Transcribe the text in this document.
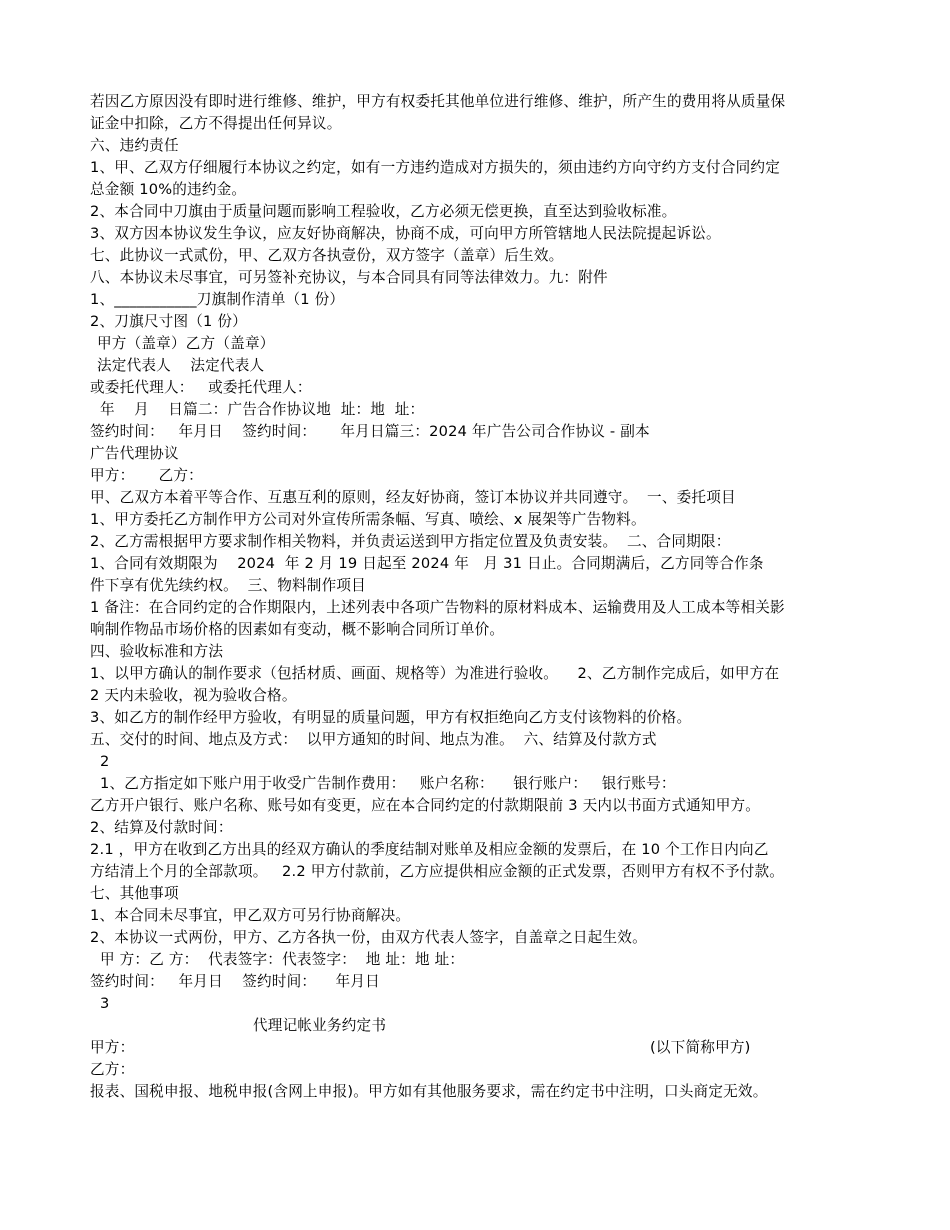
若因乙方原因没有即时进行维修、维护，甲方有权委托其他单位进行维修、维护，所产生的费用将从质量保
证金中扣除，乙方不得提出任何异议。
六、违约责任
1、甲、乙双方仔细履行本协议之约定，如有一方违约造成对方损失的，须由违约方向守约方支付合同约定
总金额 10%的违约金。
2、本合同中刀旗由于质量问题而影响工程验收，乙方必须无偿更换，直至达到验收标准。
3、双方因本协议发生争议，应友好协商解决，协商不成，可向甲方所管辖地人民法院提起诉讼。
七、此协议一式贰份，甲、乙双方各执壹份，双方签字（盖章）后生效。
八、本协议未尽事宜，可另签补充协议，与本合同具有同等法律效力。九：附件
1、___________刀旗制作清单（1 份）
2、刀旗尺寸图（1 份）
甲方（盖章）乙方（盖章）
法定代表人    法定代表人
或委托代理人：   或委托代理人：
年    月    日篇二：广告合作协议地  址：地  址：
签约时间：   年月日    签约时间：     年月日篇三：2024 年广告公司合作协议 - 副本
广告代理协议
甲方：     乙方：
甲、乙双方本着平等合作、互惠互利的原则，经友好协商，签订本协议并共同遵守。  一、委托项目
1、甲方委托乙方制作甲方公司对外宣传所需条幅、写真、喷绘、x 展架等广告物料。
2、乙方需根据甲方要求制作相关物料，并负责运送到甲方指定位置及负责安装。  二、合同期限：
1、合同有效期限为    2024  年 2 月 19 日起至 2024 年   月 31 日止。合同期满后，乙方同等合作条
件下享有优先续约权。  三、物料制作项目
1 备注：在合同约定的合作期限内，上述列表中各项广告物料的原材料成本、运输费用及人工成本等相关影
响制作物品市场价格的因素如有变动，概不影响合同所订单价。
四、验收标准和方法
1、以甲方确认的制作要求（包括材质、画面、规格等）为准进行验收。    2、乙方制作完成后，如甲方在
2 天内未验收，视为验收合格。
3、如乙方的制作经甲方验收，有明显的质量问题，甲方有权拒绝向乙方支付该物料的价格。
五、交付的时间、地点及方式：  以甲方通知的时间、地点为准。  六、结算及付款方式
2
1、乙方指定如下账户用于收受广告制作费用：   账户名称：    银行账户：   银行账号：
乙方开户银行、账户名称、账号如有变更，应在本合同约定的付款期限前 3 天内以书面方式通知甲方。
2、结算及付款时间：
2.1 ，甲方在收到乙方出具的经双方确认的季度结制对账单及相应金额的发票后，在 10 个工作日内向乙
方结清上个月的全部款项。   2.2 甲方付款前，乙方应提供相应金额的正式发票，否则甲方有权不予付款。
七、其他事项
1、本合同未尽事宜，甲乙双方可另行协商解决。
2、本协议一式两份，甲方、乙方各执一份，由双方代表人签字，自盖章之日起生效。
甲 方：乙 方：  代表签字：代表签字：  地 址：地 址：
签约时间：   年月日    签约时间：    年月日
3
代理记帐业务约定书
甲方：	(以下简称甲方)
乙方：
报表、国税申报、地税申报(含网上申报)。甲方如有其他服务要求，需在约定书中注明，口头商定无效。
